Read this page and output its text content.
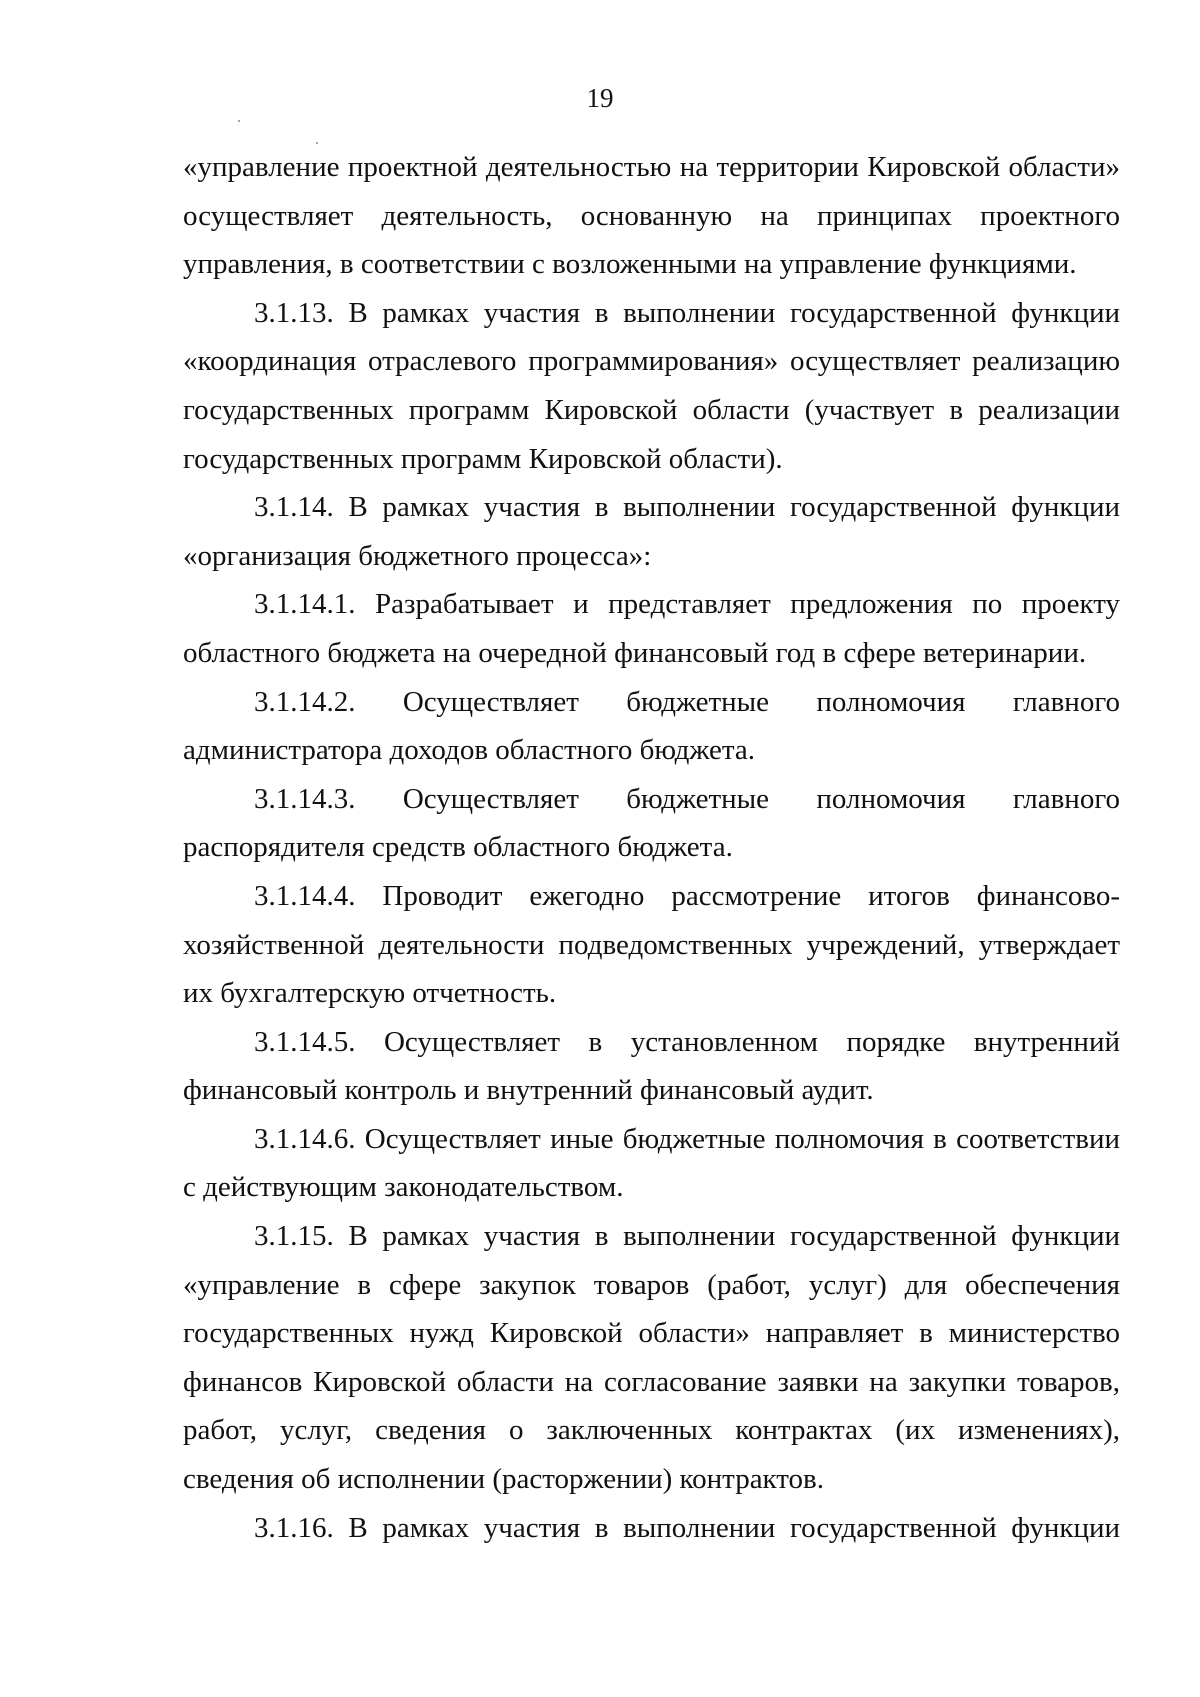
19

«управление проектной деятельностью на территории Кировской области» осуществляет деятельность, основанную на принципах проектного управления, в соответствии с возложенными на управление функциями.

3.1.13. В рамках участия в выполнении государственной функции «координация отраслевого программирования» осуществляет реализацию государственных программ Кировской области (участвует в реализации государственных программ Кировской области).

3.1.14. В рамках участия в выполнении государственной функции «организация бюджетного процесса»:

3.1.14.1. Разрабатывает и представляет предложения по проекту областного бюджета на очередной финансовый год в сфере ветеринарии.

3.1.14.2. Осуществляет бюджетные полномочия главного администратора доходов областного бюджета.

3.1.14.3. Осуществляет бюджетные полномочия главного распорядителя средств областного бюджета.

3.1.14.4. Проводит ежегодно рассмотрение итогов финансово-хозяйственной деятельности подведомственных учреждений, утверждает их бухгалтерскую отчетность.

3.1.14.5. Осуществляет в установленном порядке внутренний финансовый контроль и внутренний финансовый аудит.

3.1.14.6. Осуществляет иные бюджетные полномочия в соответствии с действующим законодательством.

3.1.15. В рамках участия в выполнении государственной функции «управление в сфере закупок товаров (работ, услуг) для обеспечения государственных нужд Кировской области» направляет в министерство финансов Кировской области на согласование заявки на закупки товаров, работ, услуг, сведения о заключенных контрактах (их изменениях), сведения об исполнении (расторжении) контрактов.

3.1.16. В рамках участия в выполнении государственной функции
